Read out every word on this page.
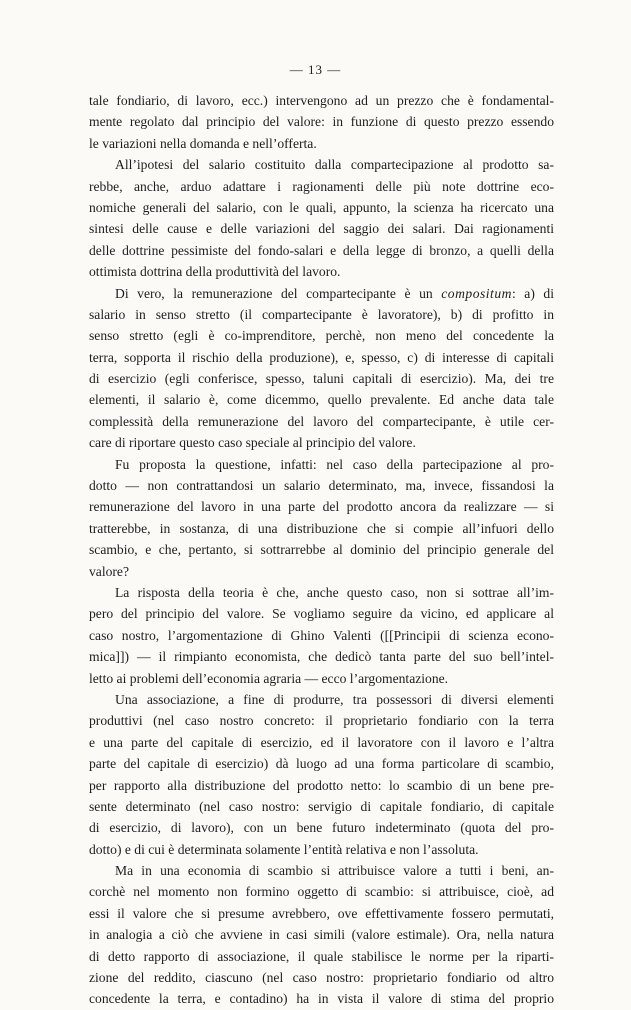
— 13 —
tale fondiario, di lavoro, ecc.) intervengono ad un prezzo che è fondamental-
mente regolato dal principio del valore: in funzione di questo prezzo essendo
le variazioni nella domanda e nell’offerta.
All’ipotesi del salario costituito dalla compartecipazione al prodotto sa-
rebbe, anche, arduo adattare i ragionamenti delle più note dottrine eco-
nomiche generali del salario, con le quali, appunto, la scienza ha ricercato una
sintesi delle cause e delle variazioni del saggio dei salari. Dai ragionamenti
delle dottrine pessimiste del fondo-salari e della legge di bronzo, a quelli della
ottimista dottrina della produttività del lavoro.
Di vero, la remunerazione del compartecipante è un compositum: a) di
salario in senso stretto (il compartecipante è lavoratore), b) di profitto in
senso stretto (egli è co-imprenditore, perchè, non meno del concedente la
terra, sopporta il rischio della produzione), e, spesso, c) di interesse di capitali
di esercizio (egli conferisce, spesso, taluni capitali di esercizio). Ma, dei tre
elementi, il salario è, come dicemmo, quello prevalente. Ed anche data tale
complessità della remunerazione del lavoro del compartecipante, è utile cer-
care di riportare questo caso speciale al principio del valore.
Fu proposta la questione, infatti: nel caso della partecipazione al pro-
dotto — non contrattandosi un salario determinato, ma, invece, fissandosi la
remunerazione del lavoro in una parte del prodotto ancora da realizzare — si
tratterebbe, in sostanza, di una distribuzione che si compie all’infuori dello
scambio, e che, pertanto, si sottrarrebbe al dominio del principio generale del
valore?
La risposta della teoria è che, anche questo caso, non si sottrae all’im-
pero del principio del valore. Se vogliamo seguire da vicino, ed applicare al
caso nostro, l’argomentazione di Ghino Valenti ([[Principii di scienza econo-
mica]]) — il rimpianto economista, che dedicò tanta parte del suo bell’intel-
letto ai problemi dell’economia agraria — ecco l’argomentazione.
Una associazione, a fine di produrre, tra possessori di diversi elementi
produttivi (nel caso nostro concreto: il proprietario fondiario con la terra
e una parte del capitale di esercizio, ed il lavoratore con il lavoro e l’altra
parte del capitale di esercizio) dà luogo ad una forma particolare di scambio,
per rapporto alla distribuzione del prodotto netto: lo scambio di un bene pre-
sente determinato (nel caso nostro: servigio di capitale fondiario, di capitale
di esercizio, di lavoro), con un bene futuro indeterminato (quota del pro-
dotto) e di cui è determinata solamente l’entità relativa e non l’assoluta.
Ma in una economia di scambio si attribuisce valore a tutti i beni, an-
corchè nel momento non formino oggetto di scambio: si attribuisce, cioè, ad
essi il valore che si presume avrebbero, ove effettivamente fossero permutati,
in analogia a ciò che avviene in casi simili (valore estimale). Ora, nella natura
di detto rapporto di associazione, il quale stabilisce le norme per la riparti-
zione del reddito, ciascuno (nel caso nostro: proprietario fondiario od altro
concedente la terra, e contadino) ha in vista il valore di stima del proprio
